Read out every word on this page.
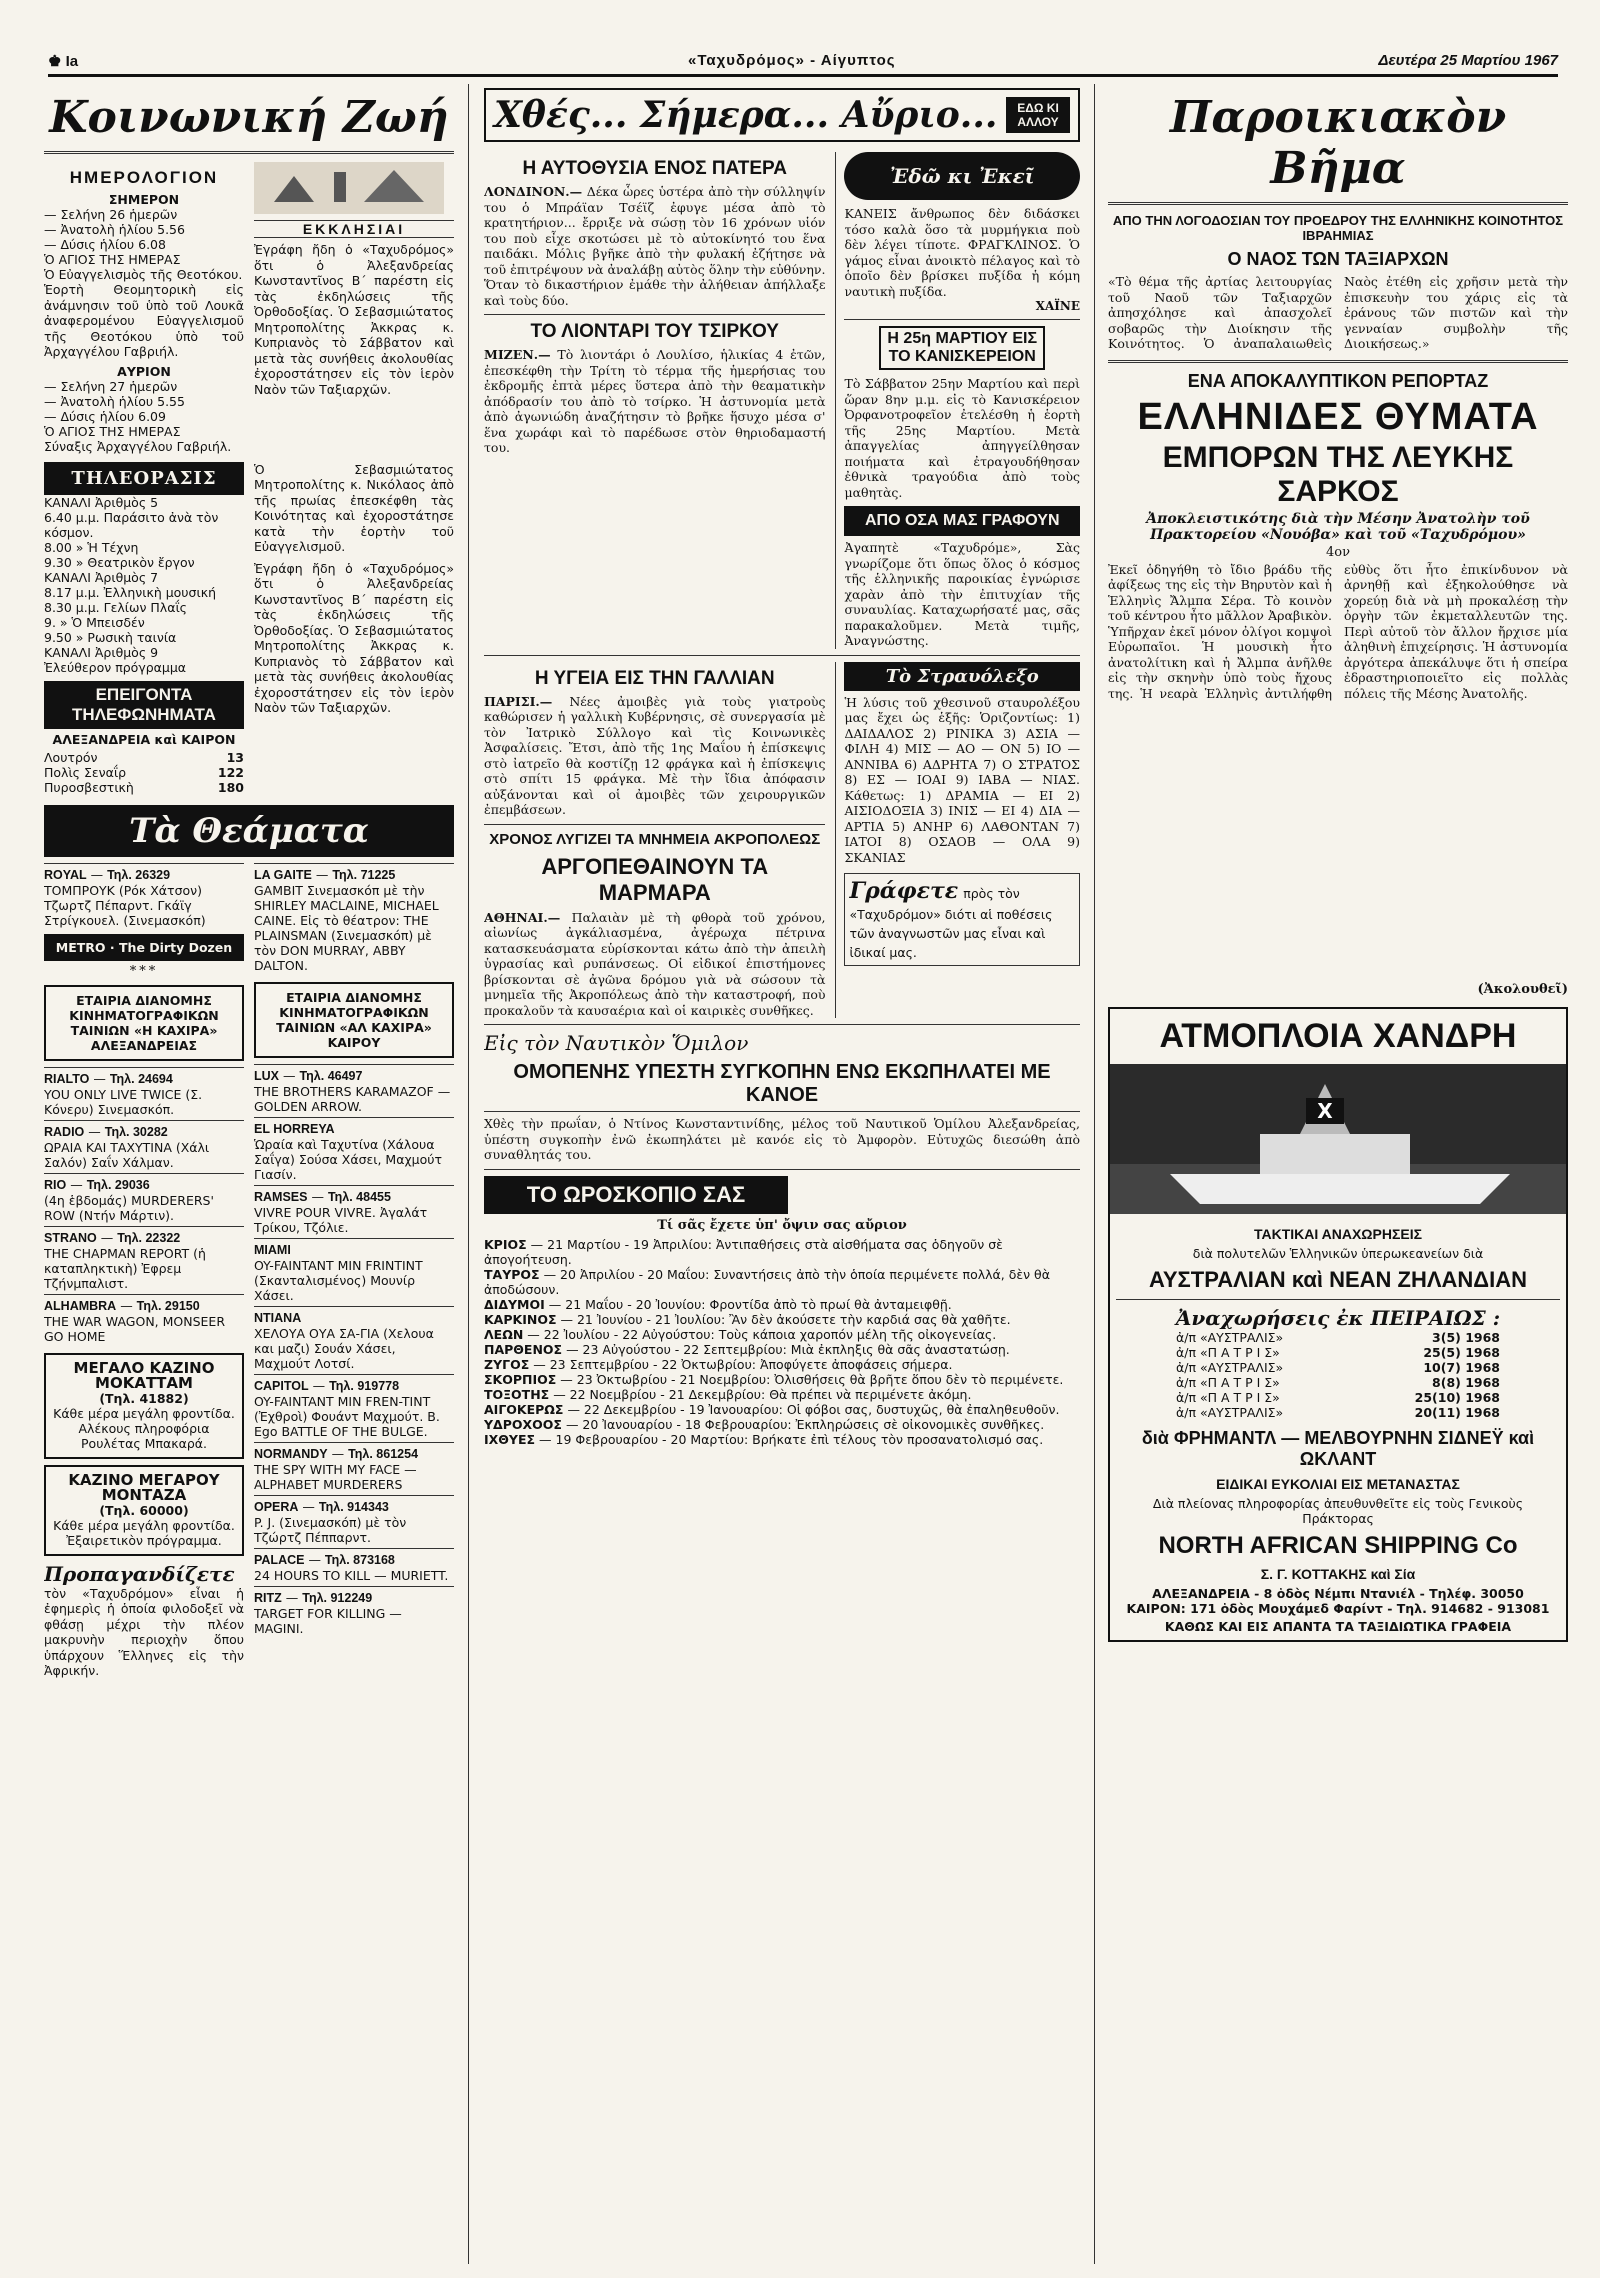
♚ Ιa	«Ταχυδρόμος» - Αίγυπτος	Δευτέρα 25 Μαρτίου 1967
Κοινωνική Ζωή
ΗΜΕΡΟΛΟΓΙΟΝ
ΣΗΜΕΡΟΝ
— Σελήνη 26 ἡμερῶν
— Ἀνατολὴ ἡλίου 5.56
— Δύσις ἡλίου 6.08
Ὁ ΑΓΙΟΣ ΤΗΣ ΗΜΕΡΑΣ
Ὁ Εὐαγγελισμὸς τῆς Θεοτόκου.

Ἑορτὴ Θεομητορικὴ εἰς ἀνάμνησιν τοῦ ὑπὸ τοῦ Λουκᾶ ἀναφερομένου Εὐαγγελισμοῦ τῆς Θεοτόκου ὑπὸ τοῦ Ἀρχαγγέλου Γαβριήλ.

ΑΥΡΙΟΝ
— Σελήνη 27 ἡμερῶν
— Ἀνατολὴ ἡλίου 5.55
— Δύσις ἡλίου 6.09
Ὁ ΑΓΙΟΣ ΤΗΣ ΗΜΕΡΑΣ
Σύναξις Ἀρχαγγέλου Γαβριήλ.
ΕΚΚΛΗΣΙΑΙ

Ἐγράφη ἤδη ὁ «Ταχυδρόμος» ὅτι ὁ Ἀλεξανδρείας Κωνσταντῖνος Β΄ παρέστη εἰς τὰς ἐκδηλώσεις τῆς Ὀρθοδοξίας. Ὁ Σεβασμιώτατος Μητροπολίτης Ἀκκρας κ. Κυπριανὸς τὸ Σάββατον καὶ μετὰ τὰς συνήθεις ἀκολουθίας ἐχοροστάτησεν εἰς τὸν ἱερὸν Ναὸν τῶν Ταξιαρχῶν.

ΤΗΛΕΟΡΑΣΙΣ
ΚΑΝΑΛΙ Ἀριθμὸς 5
6.40 μ.μ. Παράσιτο ἀνὰ τὸν κόσμον.
8.00 » Ἡ Τέχνη
9.30 » Θεατρικὸν ἔργον
ΚΑΝΑΛΙ Ἀριθμὸς 7
8.17 μ.μ. Ἐλληνικὴ μουσική
8.30 μ.μ. Γελίων Πλαΐς
9. » Ὁ Μπεισδέν
9.50 » Ρωσικὴ ταινία
ΚΑΝΑΛΙ Ἀριθμὸς 9
Ἐλεύθερον πρόγραμμα
ΕΠΕΙΓΟΝΤΑ
ΤΗΛΕΦΩΝΗΜΑΤΑ
ΑΛΕΞΑΝΔΡΕΙΑ καὶ ΚΑΙΡΟΝ
Λουτρόν	13
Πολὶς Σεναΐρ	122
Πυροσβεστικὴ	180

Ὁ Σεβασμιώτατος Μητροπολίτης κ. Νικόλαος ἀπὸ τῆς πρωίας ἐπεσκέφθη τὰς Κοινότητας καὶ ἐχοροστάτησε κατὰ τὴν ἑορτὴν τοῦ Εὐαγγελισμοῦ.

Ἐγράφη ἤδη ὁ «Ταχυδρόμος» ὅτι ὁ Ἀλεξανδρείας Κωνσταντῖνος Β΄ παρέστη εἰς τὰς ἐκδηλώσεις τῆς Ὀρθοδοξίας. Ὁ Σεβασμιώτατος Μητροπολίτης Ἀκκρας κ. Κυπριανὸς τὸ Σάββατον καὶ μετὰ τὰς συνήθεις ἀκολουθίας ἐχοροστάτησεν εἰς τὸν ἱερὸν Ναὸν τῶν Ταξιαρχῶν.

Τὰ Θεάματα
ROYAL — Τηλ. 26329
ΤΟΜΠΡΟΥΚ (Ρόκ Χάτσον) Τζωρτζ Πέπαρντ. Γκάϊγ Στρίγκουελ. (Σινεμασκόπ)
METRO · The Dirty Dozen
***
ΕΤΑΙΡΙΑ ΔΙΑΝΟΜΗΣ ΚΙΝΗΜΑΤΟΓΡΑΦΙΚΩΝ ΤΑΙΝΙΩΝ «Η ΚΑΧΙΡΑ»
ΑΛΕΞΑΝΔΡΕΙΑΣ
RIALTO — Τηλ. 24694
YOU ONLY LIVE TWICE (Σ. Κόνερυ) Σινεμασκόπ.
RADIO — Τηλ. 30282
ΩΡΑΙΑ ΚΑΙ ΤΑΧΥΤΙΝΑ (Χάλι Σαλόν) Σαΐν Χάλμαν.
RIO — Τηλ. 29036
(4η ἑβδομάς) MURDERERS' ROW (Ντήν Μάρτιν).
STRANO — Τηλ. 22322
THE CHAPMAN REPORT (ἡ καταπληκτικὴ) Ἐφρεμ Τζήνμπαλιστ.
ALHAMBRA — Τηλ. 29150
THE WAR WAGON, MONSEER GO HOME
ΜΕΓΑΛΟ ΚΑΖΙΝΟ ΜΟΚΑΤΤΑΜ
(Τηλ. 41882)
Κάθε μέρα μεγάλη φροντίδα. Αλέκους πληροφόρια Ρουλέτας Μπακαρά.
ΚΑΖΙΝΟ ΜΕΓΑΡΟΥ ΜΟΝΤΑΖΑ
(Τηλ. 60000)
Κάθε μέρα μεγάλη φροντίδα. Ἐξαιρετικὸν πρόγραμμα.
Προπαγανδίζετε

τὸν «Ταχυδρόμον» εἶναι ἡ ἐφημερὶς ἡ ὁποία φιλοδοξεῖ νὰ φθάσῃ μέχρι τὴν πλέον μακρυνὴν περιοχὴν ὅπου ὑπάρχουν Ἕλληνες εἰς τὴν Ἀφρικήν.

LA GAITE — Τηλ. 71225
GAMBIT Σινεμασκόπ μὲ τὴν SHIRLEY MACLAINE, MICHAEL CAINE. Εἰς τὸ θέατρον: THE PLAINSMAN (Σινεμασκόπ) μὲ τὸν DON MURRAY, ABBY DALTON.
ΕΤΑΙΡΙΑ ΔΙΑΝΟΜΗΣ ΚΙΝΗΜΑΤΟΓΡΑΦΙΚΩΝ ΤΑΙΝΙΩΝ «ΑΛ ΚΑΧΙΡΑ»
ΚΑΙΡΟΥ
LUX — Τηλ. 46497
THE BROTHERS KARAMAZOF — GOLDEN ARROW.
EL HORREYA
Ὡραία καὶ Ταχυτίνα (Χάλουα Σαΐγα) Σούσα Χάσει, Μαχμούτ Γιασίν.
RAMSES — Τηλ. 48455
VIVRE POUR VIVRE. Ἀγαλάτ Τρίκου, Τζόλιε.
MIAMI
OY-FAINTANT MIN FRINTINT (Σκανταλισμένος) Μουνίρ Χάσει.
NTIANA
ΧΕΛΟΥΑ ΟΥΑ ΣΑ-ΓΙΑ (Χελουα και μαζι) Σουάν Χάσει, Μαχμούτ Λοτσί.
CAPITOL — Τηλ. 919778
OY-FAINTANT MIN FREN-TINT (Ἐχθροὶ) Φουάντ Μαχμούτ. B. Εgo BATTLE OF THE BULGE.
NORMANDY — Τηλ. 861254
THE SPY WITH MY FACE — ALPHABET MURDERERS
OPERA — Τηλ. 914343
P. J. (Σινεμασκόπ) μὲ τὸν Τζώρτζ Πέππαρντ.
PALACE — Τηλ. 873168
24 HOURS TO KILL — MURIETT.
RITZ — Τηλ. 912249
TARGET FOR KILLING — MAGINI.
Χθές... Σήμερα... Αὔριο...	ΕΔΩ ΚΙ ΑΛΛΟΥ
Η ΑΥΤΟΘΥΣΙΑ ΕΝΟΣ ΠΑΤΕΡΑ

ΛΟΝΔΙΝΟΝ.— Δέκα ὧρες ὑστέρα ἀπὸ τὴν σύλληψίν του ὁ Μπράϊαν Τσέϊζ ἐφυγε μέσα ἀπὸ τὸ κρατητήριον... ἔρριξε νὰ σώσῃ τὸν 16 χρόνων υἱόν του ποὺ εἶχε σκοτώσει μὲ τὸ αὐτοκίνητό του ἕνα παιδάκι. Μόλις βγῆκε ἀπὸ τὴν φυλακή ἐζήτησε νὰ τοῦ ἐπιτρέψουν νὰ ἀναλάβῃ αὐτὸς ὅλην τὴν εὐθύνην. Ὅταν τὸ δικαστήριον ἐμάθε τὴν ἀλήθειαν ἀπήλλαξε καὶ τοὺς δύο.

ΤΟ ΛΙΟΝΤΑΡΙ ΤΟΥ ΤΣΙΡΚΟΥ

ΜΙΖΕΝ.— Τὸ λιοντάρι ὁ Λουλίσο, ἡλικίας 4 ἐτῶν, ἐπεσκέφθη τὴν Τρίτη τὸ τέρμα τῆς ἡμερήσιας του ἐκδρομῆς ἐπτὰ μέρες ὕστερα ἀπὸ τὴν θεαματικὴν ἀπόδρασίν του ἀπὸ τὸ τσίρκο. Ἡ ἀστυνομία μετὰ ἀπὸ ἀγωνιώδη ἀναζήτησιν τὸ βρῆκε ἥσυχο μέσα σ' ἕνα χωράφι καὶ τὸ παρέδωσε στὸν θηριοδαμαστή του.

Ἐδῶ κι Ἐκεῖ

ΚΑΝΕΙΣ ἄνθρωπος δὲν διδάσκει τόσο καλὰ ὅσο τὰ μυρμήγκια ποὺ δὲν λέγει τίποτε. ΦΡΑΓΚΛΙΝΟΣ. Ὁ γάμος εἶναι ἀνοικτὸ πέλαγος καὶ τὸ ὁποῖο δὲν βρίσκει πυξίδα ἡ κόμη ναυτικὴ πυξίδα.

ΧΑΪΝΕ
Η 25η ΜΑΡΤΙΟΥ ΕΙΣ ΤΟ ΚΑΝΙΣΚΕΡΕΙΟΝ

Τὸ Σάββατον 25ην Μαρτίου καὶ περὶ ὥραν 8ην μ.μ. εἰς τὸ Κανισκέρειον Ὀρφανοτροφεῖον ἐτελέσθη ἡ ἑορτὴ τῆς 25ης Μαρτίου. Μετὰ ἀπαγγελίας ἀπηγγείλθησαν ποιήματα καὶ ἐτραγουδήθησαν ἐθνικὰ τραγούδια ἀπὸ τοὺς μαθητὰς.

ΑΠΟ ΟΣΑ ΜΑΣ ΓΡΑΦΟΥΝ

Ἀγαπητὲ «Ταχυδρόμε», Σὰς γνωρίζομε ὅτι ὅπως ὅλος ὁ κόσμος τῆς ἑλληνικῆς παροικίας ἐγνώρισε χαρὰν ἀπὸ τὴν ἐπιτυχίαν τῆς συναυλίας. Καταχωρήσατέ μας, σᾶς παρακαλοῦμεν. Μετὰ τιμῆς, Ἀναγνώστης.

Η ΥΓΕΙΑ ΕΙΣ ΤΗΝ ΓΑΛΛΙΑΝ

ΠΑΡΙΣΙ.— Νέες ἀμοιβὲς γιὰ τοὺς γιατροὺς καθώρισεν ἡ γαλλικὴ Κυβέρνησις, σὲ συνεργασία μὲ τὸν Ἰατρικὸ Σύλλογο καὶ τὶς Κοινωνικὲς Ἀσφαλίσεις. Ἔτσι, ἀπὸ τῆς 1ης Μαΐου ἡ ἐπίσκεψις στὸ ἰατρεῖο θὰ κοστίζῃ 12 φράγκα καὶ ἡ ἐπίσκεψις στὸ σπίτι 15 φράγκα. Μὲ τὴν ἴδια ἀπόφασιν αὐξάνονται καὶ οἱ ἀμοιβὲς τῶν χειρουργικῶν ἐπεμβάσεων.

ΧΡΟΝΟΣ ΛΥΓΙΖΕΙ ΤΑ ΜΝΗΜΕΙΑ ΑΚΡΟΠΟΛΕΩΣ
ΑΡΓΟΠΕΘΑΙΝΟΥΝ ΤΑ ΜΑΡΜΑΡΑ

ΑΘΗΝΑΙ.— Παλαιὰν μὲ τὴ φθορὰ τοῦ χρόνου, αἰωνίως ἀγκάλιασμένα, ἀγέρωχα πέτρινα κατασκευάσματα εὑρίσκονται κάτω ἀπὸ τὴν ἀπειλὴ ὑγρασίας καὶ ρυπάνσεως. Οἱ εἰδικοί ἐπιστήμονες βρίσκονται σὲ ἀγῶνα δρόμου γιὰ νὰ σώσουν τὰ μνημεῖα τῆς Ἀκροπόλεως ἀπὸ τὴν καταστροφή, ποὺ προκαλοῦν τὰ καυσαέρια καὶ οἱ καιρικὲς συνθῆκες.

Τὸ Στραυόλεξο

Ἡ λύσις τοῦ χθεσινοῦ σταυρολέξου μας ἔχει ὡς ἑξῆς: Ὁριζοντίως: 1) ΔΑΙΔΑΛΟΣ 2) ΡΙΝΙΚΑ 3) ΑΣΙΑ — ΦΙΛΗ 4) ΜΙΣ — ΑΟ — ΟΝ 5) ΙΟ — ΑΝΝΙΒΑ 6) ΑΔΡΗΤΑ 7) Ο ΣΤΡΑΤΟΣ 8) ΕΣ — ΙΟΑΙ 9) ΙΑΒΑ — ΝΙΑΣ. Κάθετως: 1) ΔΡΑΜΙΑ — ΕΙ 2) ΑΙΣΙΟΔΟΞΙΑ 3) ΙΝΙΣ — ΕΙ 4) ΔΙΑ — ΑΡΤΙΑ 5) ΑΝΗΡ 6) ΛΑΘΟΝΤΑΝ 7) ΙΑΤΟΙ 8) ΟΣΑΟΒ — ΟΛΑ 9) ΣΚΑΝΙΑΣ

Γράφετε πρὸς τὸν «Ταχυδρόμον» διότι αἱ ποθέσεις τῶν ἀναγνωστῶν μας εἶναι καὶ ἰδικαί μας.
Εἰς τὸν Ναυτικὸν Ὅμιλον
ΟΜΟΠΕΝΗΣ ΥΠΕΣΤΗ ΣΥΓΚΟΠΗΝ ΕΝΩ ΕΚΩΠΗΛΑΤΕΙ ΜΕ ΚΑΝΟΕ

Χθὲς τὴν πρωΐαν, ὁ Ντίνος Κωνσταντινίδης, μέλος τοῦ Ναυτικοῦ Ὁμίλου Ἀλεξανδρείας, ὑπέστη συγκοπὴν ἐνῶ ἐκωπηλάτει μὲ κανόε εἰς τὸ Ἀμφορὸν. Εὐτυχῶς διεσώθη ἀπὸ συναθλητάς του.

ΤΟ ΩΡΟΣΚΟΠΙΟ ΣΑΣ
Τί σᾶς ἔχετε ὑπ' ὄψιν σας αὔριον
ΚΡΙΟΣ — 21 Μαρτίου - 19 Ἀπριλίου: Ἀντιπαθήσεις στὰ αἰσθήματα σας ὁδηγοῦν σὲ ἀπογοήτευση.
ΤΑΥΡΟΣ — 20 Ἀπριλίου - 20 Μαΐου: Συναντήσεις ἀπὸ τὴν ὁποία περιμένετε πολλά, δὲν θὰ ἀποδώσουν.
ΔΙΔΥΜΟΙ — 21 Μαΐου - 20 Ἰουνίου: Φροντίδα ἀπὸ τὸ πρωί θὰ ἀνταμειφθῇ.
ΚΑΡΚΙΝΟΣ — 21 Ἰουνίου - 21 Ἰουλίου: Ἂν δὲν ἀκούσετε τὴν καρδιά σας θὰ χαθῆτε.
ΛΕΩΝ — 22 Ἰουλίου - 22 Αὐγούστου: Τοὺς κάποια χαροπόν μέλη τῆς οἰκογενείας.
ΠΑΡΘΕΝΟΣ — 23 Αὐγούστου - 22 Σεπτεμβρίου: Μιὰ ἐκπληξις θὰ σᾶς ἀναστατώσῃ.
ΖΥΓΟΣ — 23 Σεπτεμβρίου - 22 Ὀκτωβρίου: Ἀποφύγετε ἀποφάσεις σήμερα.
ΣΚΟΡΠΙΟΣ — 23 Ὀκτωβρίου - 21 Νοεμβρίου: Ὀλισθήσεις θὰ βρῆτε ὅπου δὲν τὸ περιμένετε.
ΤΟΞΟΤΗΣ — 22 Νοεμβρίου - 21 Δεκεμβρίου: Θὰ πρέπει νὰ περιμένετε ἀκόμη.
ΑΙΓΟΚΕΡΩΣ — 22 Δεκεμβρίου - 19 Ἰανουαρίου: Οἱ φόβοι σας, δυστυχῶς, θὰ ἐπαληθευθοῦν.
ΥΔΡΟΧΟΟΣ — 20 Ἰανουαρίου - 18 Φεβρουαρίου: Ἐκπληρώσεις σὲ οἰκονομικὲς συνθῆκες.
ΙΧΘΥΕΣ — 19 Φεβρουαρίου - 20 Μαρτίου: Βρήκατε ἐπὶ τέλους τὸν προσανατολισμό σας.
Παροικιακὸν Βῆμα
ΑΠΟ ΤΗΝ ΛΟΓΟΔΟΣΙΑΝ ΤΟΥ ΠΡΟΕΔΡΟΥ ΤΗΣ ΕΛΛΗΝΙΚΗΣ ΚΟΙΝΟΤΗΤΟΣ ΙΒΡΑΗΜΙΑΣ
Ο ΝΑΟΣ ΤΩΝ ΤΑΞΙΑΡΧΩΝ

«Τὸ θέμα τῆς ἀρτίας λειτουργίας τοῦ Ναοῦ τῶν Ταξιαρχῶν ἀπησχόλησε καὶ ἀπασχολεῖ σοβαρῶς τὴν Διοίκησιν τῆς Κοινότητος. Ὁ ἀναπαλαιωθεὶς Ναὸς ἐτέθη εἰς χρῆσιν μετὰ τὴν ἐπισκευὴν του χάρις εἰς τὰ ἐράνους τῶν πιστῶν καὶ τὴν γενναίαν συμβολὴν τῆς Διοικήσεως.»

ΕΝΑ ΑΠΟΚΑΛΥΠΤΙΚΟΝ ΡΕΠΟΡΤΑΖ
ΕΛΛΗΝΙΔΕΣ ΘΥΜΑΤΑ
ΕΜΠΟΡΩΝ ΤΗΣ ΛΕΥΚΗΣ ΣΑΡΚΟΣ
Ἀποκλειστικότης διὰ τὴν Μέσην Ἀνατολὴν τοῦ Πρακτορείου «Νουόβα» καὶ τοῦ «Ταχυδρόμου»
4ον

Ἐκεῖ ὁδηγήθη τὸ ἴδιο βράδυ τῆς ἀφίξεως της εἰς τὴν Βηρυτὸν καὶ ἡ Ἑλληνὶς Ἄλμπα Σέρα. Τὸ κοινὸν τοῦ κέντρου ἦτο μᾶλλον Ἀραβικὸν. Ὑπῆρχαν ἐκεῖ μόνον ὀλίγοι κομψοὶ Εὐρωπαῖοι. Ἡ μουσικὴ ἦτο ἀνατολίτικη καὶ ἡ Ἄλμπα ἀνῆλθε εἰς τὴν σκηνὴν ὑπὸ τοὺς ἤχους της. Ἡ νεαρὰ Ἑλληνὶς ἀντιλήφθη εὐθὺς ὅτι ἦτο ἐπικίνδυνον νὰ ἀρνηθῇ καὶ ἐξηκολούθησε νὰ χορεύῃ διὰ νὰ μὴ προκαλέσῃ τὴν ὀργὴν τῶν ἐκμεταλλευτῶν της. Περὶ αὐτοῦ τὸν ἄλλον ἤρχισε μία ἀληθινὴ ἐπιχείρησις. Ἡ ἀστυνομία ἀργότερα ἀπεκάλυψε ὅτι ἡ σπείρα ἐδραστηριοποιεῖτο εἰς πολλὰς πόλεις τῆς Μέσης Ἀνατολῆς.

(Ἀκολουθεῖ)
ΑΤΜΟΠΛΟΙΑ ΧΑΝΔΡΗ
X
ΤΑΚΤΙΚΑΙ ΑΝΑΧΩΡΗΣΕΙΣ
διὰ πολυτελῶν Ἑλληνικῶν ὑπερωκεανείων διὰ
ΑΥΣΤΡΑΛΙΑΝ καὶ ΝΕΑΝ ΖΗΛΑΝΔΙΑΝ
Ἀναχωρήσεις ἐκ ΠΕΙΡΑΙΩΣ :
ἀ/π «ΑΥΣΤΡΑΛΙΣ»	3(5) 1968
ἀ/π «Π Α Τ Ρ Ι Σ»	25(5) 1968
ἀ/π «ΑΥΣΤΡΑΛΙΣ»	10(7) 1968
ἀ/π «Π Α Τ Ρ Ι Σ»	8(8) 1968
ἀ/π «Π Α Τ Ρ Ι Σ»	25(10) 1968
ἀ/π «ΑΥΣΤΡΑΛΙΣ»	20(11) 1968
διὰ ΦΡΗΜΑΝΤΛ — ΜΕΛΒΟΥΡΝΗΝ ΣΙΔΝΕΫ καὶ ΩΚΛΑΝΤ
ΕΙΔΙΚΑΙ ΕΥΚΟΛΙΑΙ ΕΙΣ ΜΕΤΑΝΑΣΤΑΣ
Διὰ πλείονας πληροφορίας ἀπευθυνθεῖτε εἰς τοὺς Γενικοὺς Πράκτορας
NORTH AFRICAN SHIPPING Co
Σ. Γ. ΚΟΤΤΑΚΗΣ καὶ Σία
ΑΛΕΞΑΝΔΡΕΙΑ - 8 ὁδὸς Νέμπι Ντανιέλ - Τηλέφ. 30050
ΚΑΙΡΟΝ: 171 ὁδὸς Μουχάμεδ Φαρίντ - Τηλ. 914682 - 913081
ΚΑΘΩΣ ΚΑΙ ΕΙΣ ΑΠΑΝΤΑ ΤΑ ΤΑΞΙΔΙΩΤΙΚΑ ΓΡΑΦΕΙΑ
